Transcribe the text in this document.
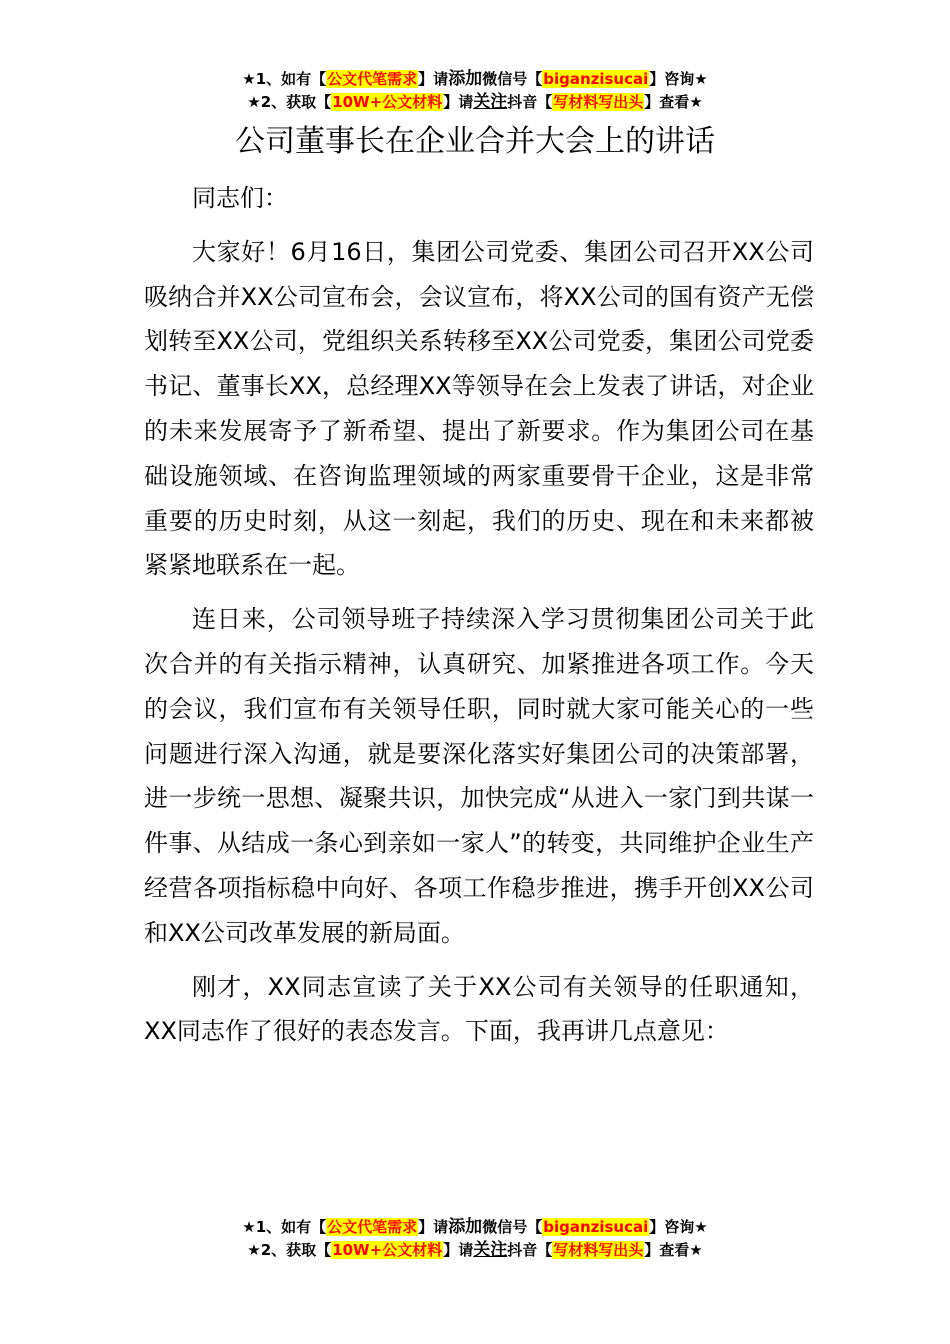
★1、如有【公文代笔需求】请添加微信号【biganzisucai】咨询★
★2、获取【10W+公文材料】请关注抖音【写材料写出头】查看★
公司董事长在企业合并大会上的讲话

同志们：

大家好！6月16日，集团公司党委、集团公司召开XX公司吸纳合并XX公司宣布会，会议宣布，将XX公司的国有资产无偿划转至XX公司，党组织关系转移至XX公司党委，集团公司党委书记、董事长XX，总经理XX等领导在会上发表了讲话，对企业的未来发展寄予了新希望、提出了新要求。作为集团公司在基础设施领域、在咨询监理领域的两家重要骨干企业，这是非常重要的历史时刻，从这一刻起，我们的历史、现在和未来都被紧紧地联系在一起。

连日来，公司领导班子持续深入学习贯彻集团公司关于此次合并的有关指示精神，认真研究、加紧推进各项工作。今天的会议，我们宣布有关领导任职，同时就大家可能关心的一些问题进行深入沟通，就是要深化落实好集团公司的决策部署，进一步统一思想、凝聚共识，加快完成“从进入一家门到共谋一件事、从结成一条心到亲如一家人”的转变，共同维护企业生产经营各项指标稳中向好、各项工作稳步推进，携手开创XX公司和XX公司改革发展的新局面。

刚才，XX同志宣读了关于XX公司有关领导的任职通知，XX同志作了很好的表态发言。下面，我再讲几点意见：

★1、如有【公文代笔需求】请添加微信号【biganzisucai】咨询★
★2、获取【10W+公文材料】请关注抖音【写材料写出头】查看★
